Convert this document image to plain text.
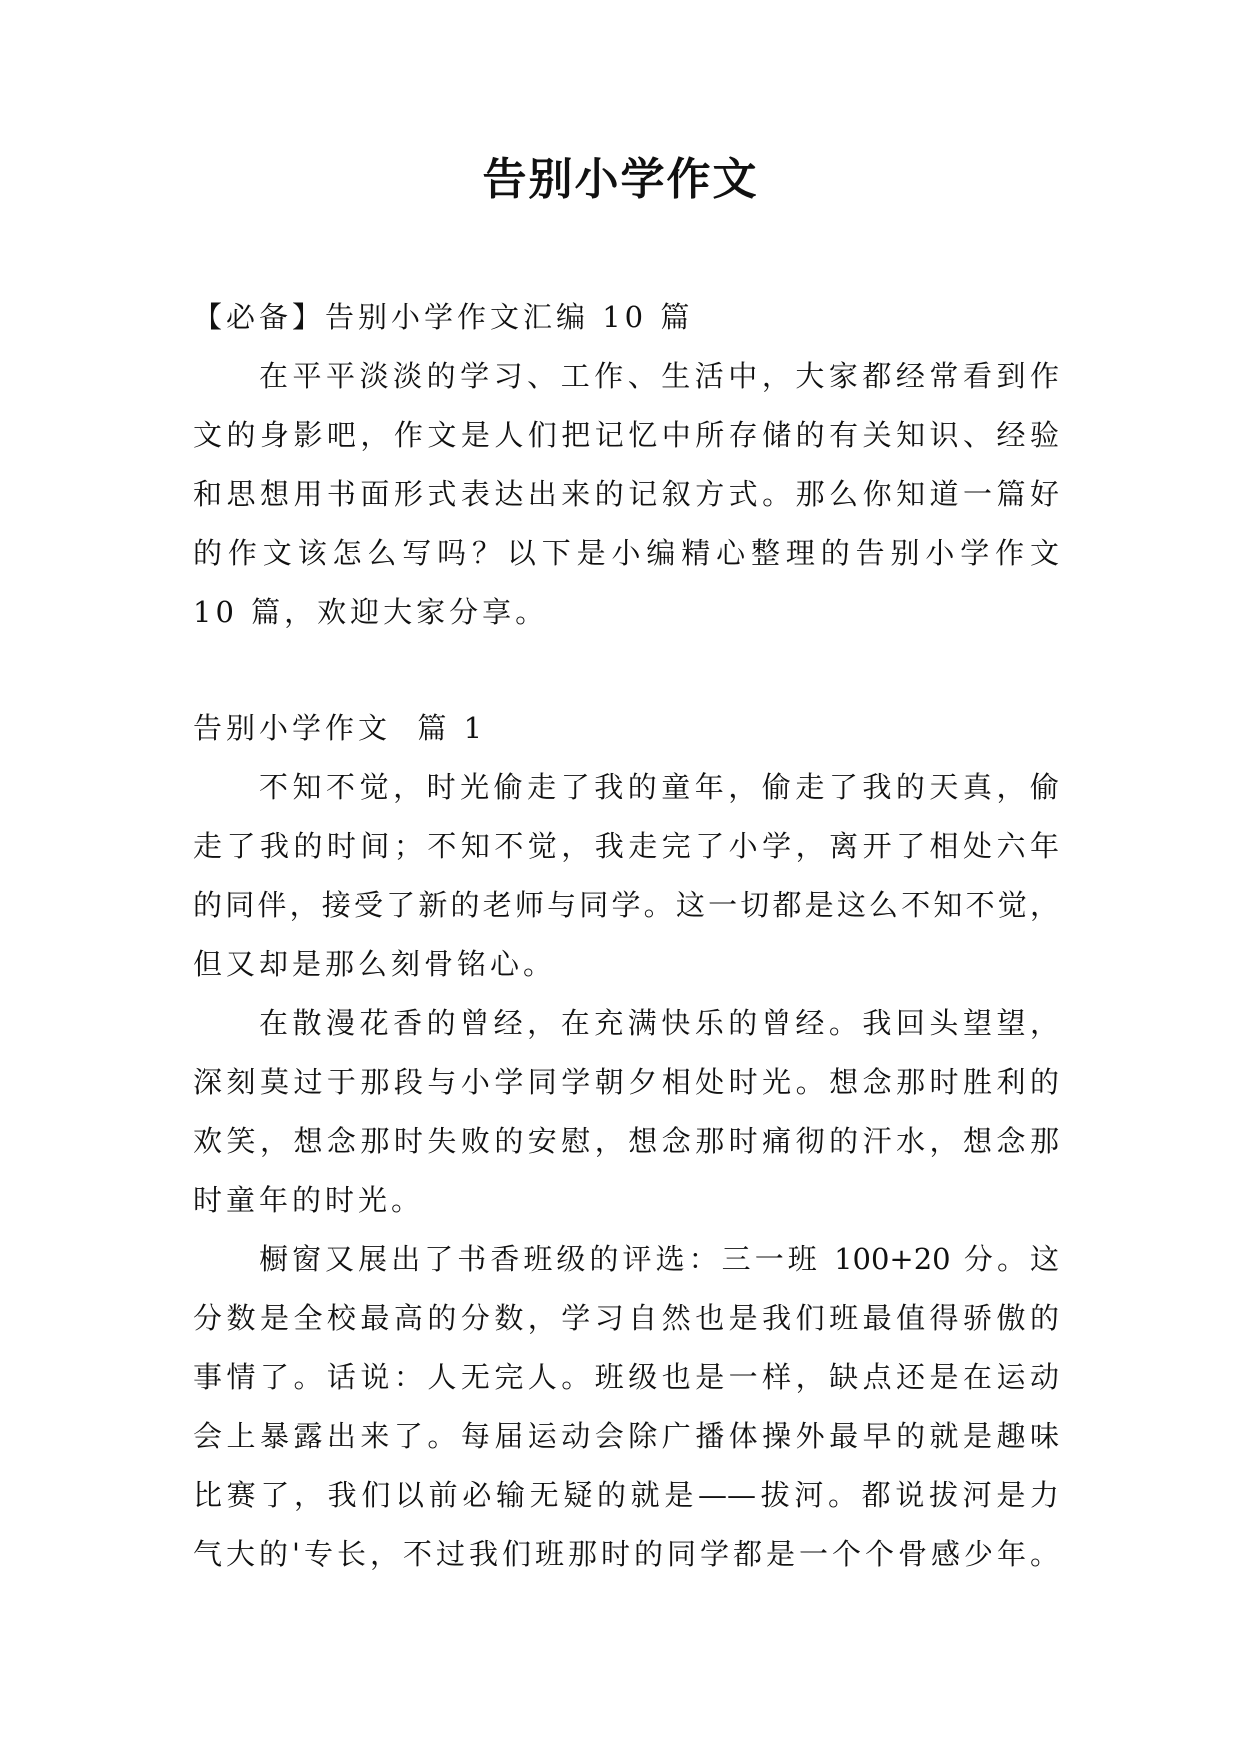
告别小学作文
【必备】告别小学作文汇编 10 篇
在平平淡淡的学习、工作、生活中，大家都经常看到作
文的身影吧，作文是人们把记忆中所存储的有关知识、经验
和思想用书面形式表达出来的记叙方式。那么你知道一篇好
的作文该怎么写吗？以下是小编精心整理的告别小学作文
10 篇，欢迎大家分享。
告别小学作文  篇 1
不知不觉，时光偷走了我的童年，偷走了我的天真，偷
走了我的时间；不知不觉，我走完了小学，离开了相处六年
的同伴，接受了新的老师与同学。这一切都是这么不知不觉，
但又却是那么刻骨铭心。
在散漫花香的曾经，在充满快乐的曾经。我回头望望，
深刻莫过于那段与小学同学朝夕相处时光。想念那时胜利的
欢笑，想念那时失败的安慰，想念那时痛彻的汗水，想念那
时童年的时光。
橱窗又展出了书香班级的评选：三一班 100+20 分。这
分数是全校最高的分数，学习自然也是我们班最值得骄傲的
事情了。话说：人无完人。班级也是一样，缺点还是在运动
会上暴露出来了。每届运动会除广播体操外最早的就是趣味
比赛了，我们以前必输无疑的就是——拔河。都说拔河是力
气大的'专长，不过我们班那时的同学都是一个个骨感少年。
